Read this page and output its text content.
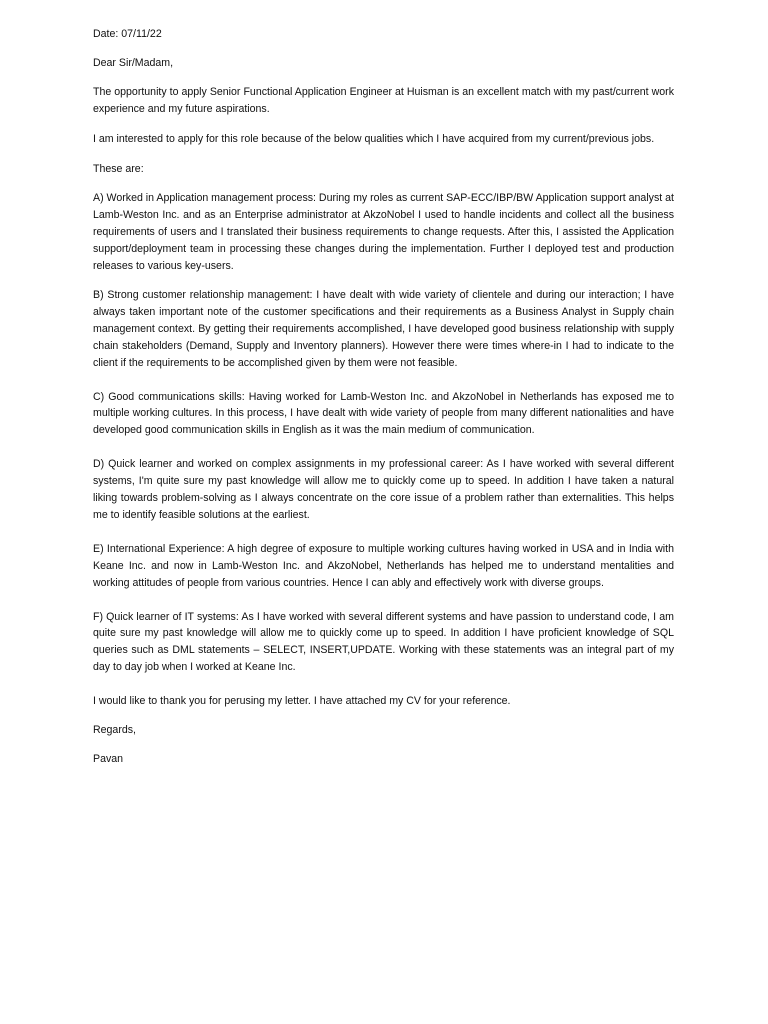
Date: 07/11/22

Dear Sir/Madam,

The opportunity to apply Senior Functional Application Engineer at Huisman is an excellent match with my past/current work experience and my future aspirations.

I am interested to apply for this role because of the below qualities which I have acquired from my current/previous jobs.

These are:

A) Worked in Application management process: During my roles as current SAP-ECC/IBP/BW Application support analyst at Lamb-Weston Inc. and as an Enterprise administrator at AkzoNobel I used to handle incidents and collect all the business requirements of users and I translated their business requirements to change requests. After this, I assisted the Application support/deployment team in processing these changes during the implementation. Further I deployed test and production releases to various key-users.

B) Strong customer relationship management: I have dealt with wide variety of clientele and during our interaction; I have always taken important note of the customer specifications and their requirements as a Business Analyst in Supply chain management context. By getting their requirements accomplished, I have developed good business relationship with supply chain stakeholders (Demand, Supply and Inventory planners). However there were times where-in I had to indicate to the client if the requirements to be accomplished given by them were not feasible.

C) Good communications skills: Having worked for Lamb-Weston Inc. and AkzoNobel in Netherlands has exposed me to multiple working cultures. In this process, I have dealt with wide variety of people from many different nationalities and have developed good communication skills in English as it was the main medium of communication.

D) Quick learner and worked on complex assignments in my professional career: As I have worked with several different systems, I'm quite sure my past knowledge will allow me to quickly come up to speed. In addition I have taken a natural liking towards problem-solving as I always concentrate on the core issue of a problem rather than externalities. This helps me to identify feasible solutions at the earliest.

E) International Experience: A high degree of exposure to multiple working cultures having worked in USA and in India with Keane Inc. and now in Lamb-Weston Inc. and AkzoNobel, Netherlands has helped me to understand mentalities and working attitudes of people from various countries. Hence I can ably and effectively work with diverse groups.

F) Quick learner of IT systems: As I have worked with several different systems and have passion to understand code, I am quite sure my past knowledge will allow me to quickly come up to speed. In addition I have proficient knowledge of SQL queries such as DML statements – SELECT, INSERT,UPDATE. Working with these statements was an integral part of my day to day job when I worked at Keane Inc.

I would like to thank you for perusing my letter. I have attached my CV for your reference.

Regards,

Pavan
